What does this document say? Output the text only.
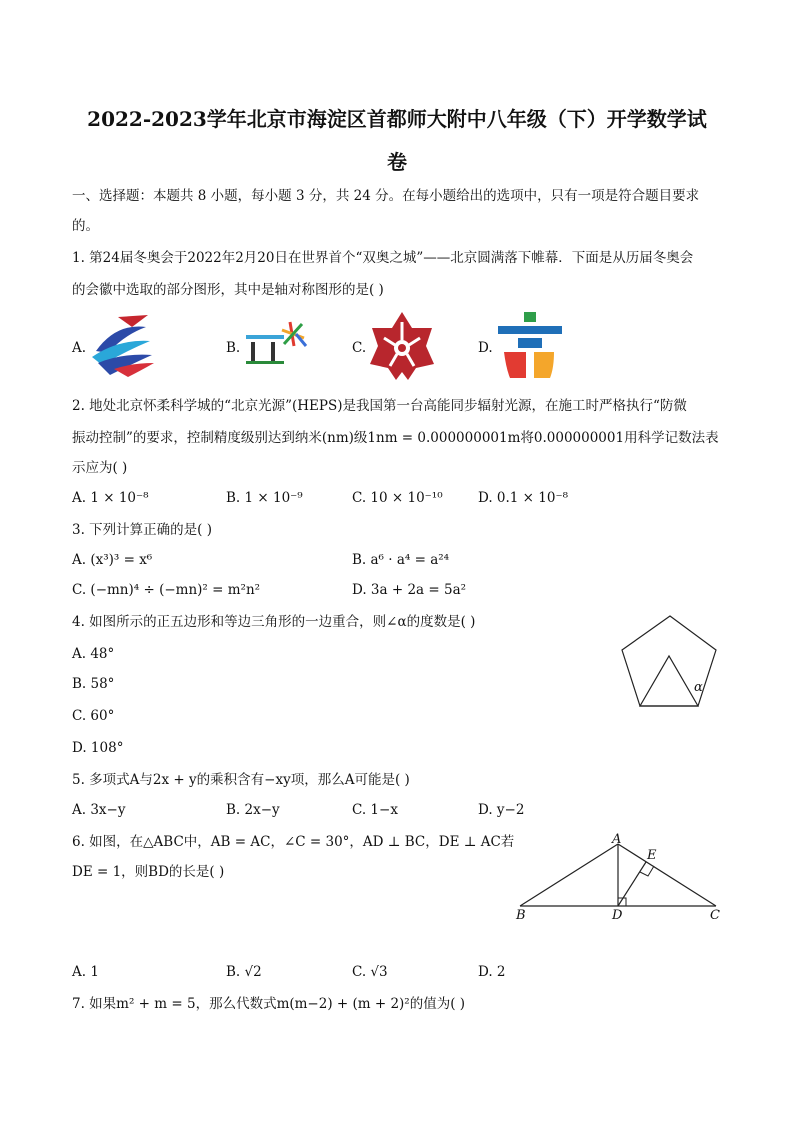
2022-2023学年北京市海淀区首都师大附中八年级（下）开学数学试
卷
一、选择题：本题共 8 小题，每小题 3 分，共 24 分。在每小题给出的选项中，只有一项是符合题目要求
的。
1. 第24届冬奥会于2022年2月20日在世界首个“双奥之城”——北京圆满落下帷幕．下面是从历届冬奥会
的会徽中选取的部分图形，其中是轴对称图形的是( )
A.	B.	C.	D.
2. 地处北京怀柔科学城的“北京光源”(HEPS)是我国第一台高能同步辐射光源，在施工时严格执行“防微
振动控制”的要求，控制精度级别达到纳米(nm)级1nm = 0.000000001m将0.000000001用科学记数法表
示应为( )
A. 1 × 10⁻⁸	B. 1 × 10⁻⁹	C. 10 × 10⁻¹⁰	D. 0.1 × 10⁻⁸
3. 下列计算正确的是( )
A. (x³)³ = x⁶	B. a⁶ · a⁴ = a²⁴
C. (−mn)⁴ ÷ (−mn)² = m²n²	D. 3a + 2a = 5a²
4. 如图所示的正五边形和等边三角形的一边重合，则∠α的度数是( )
A. 48°
B. 58°
C. 60°
D. 108°
α
5. 多项式A与2x + y的乘积含有−xy项，那么A可能是( )
A. 3x−y	B. 2x−y	C. 1−x	D. y−2
6. 如图，在△ABC中，AB = AC，∠C = 30°，AD ⊥ BC，DE ⊥ AC若
DE = 1，则BD的长是( )
A
E
B	D	C
A. 1	B. √2	C. √3	D. 2
7. 如果m² + m = 5，那么代数式m(m−2) + (m + 2)²的值为( )
